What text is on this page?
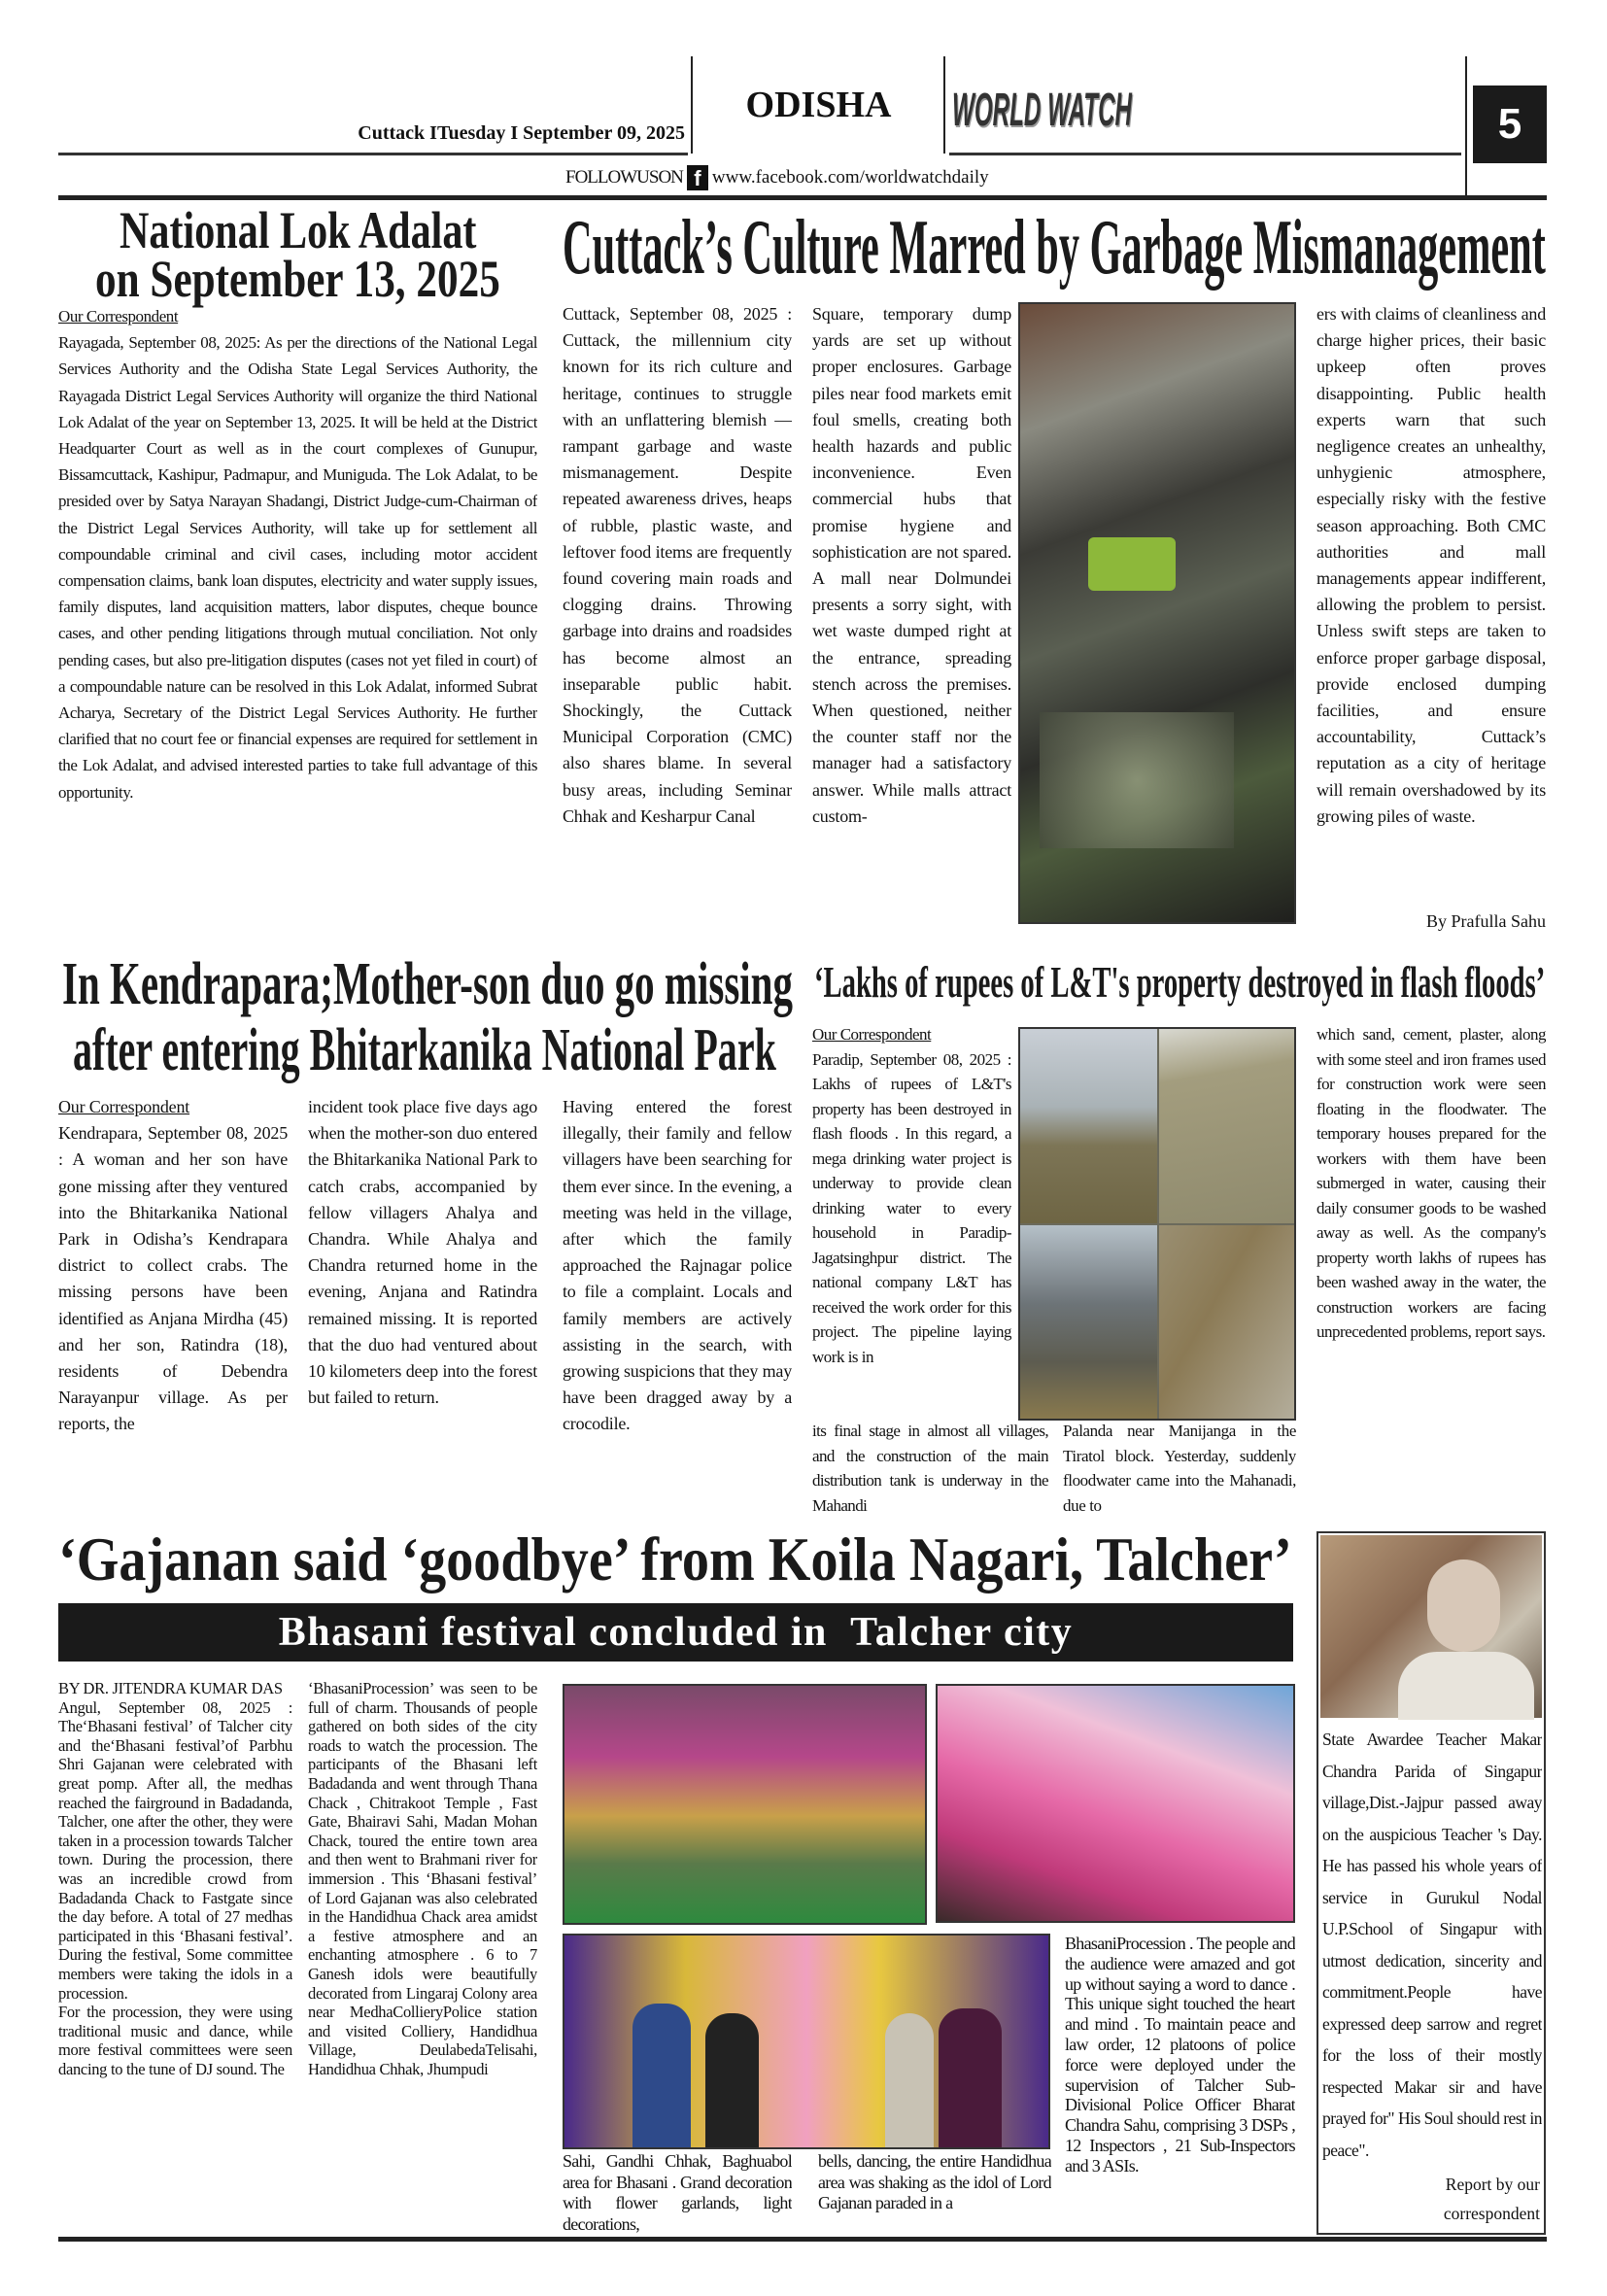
Cuttack ITuesday I September 09, 2025
ODISHA	WORLD WATCH	5
FOLLOWUSON f www.facebook.com/worldwatchdaily
National Lok Adalat
on September 13, 2025
Our Correspondent
Rayagada, September 08, 2025: As per the directions of the National Legal Services Authority and the Odisha State Legal Services Authority, the Rayagada District Legal Services Authority will organize the third National Lok Adalat of the year on September 13, 2025. It will be held at the District Headquarter Court as well as in the court complexes of Gunupur, Bissamcuttack, Kashipur, Padmapur, and Muniguda. The Lok Adalat, to be presided over by Satya Narayan Shadangi, District Judge-cum-Chairman of the District Legal Services Authority, will take up for settlement all compoundable criminal and civil cases, including motor accident compensation claims, bank loan disputes, electricity and water supply issues, family disputes, land acquisition matters, labor disputes, cheque bounce cases, and other pending litigations through mutual conciliation. Not only pending cases, but also pre-litigation disputes (cases not yet filed in court) of a compoundable nature can be resolved in this Lok Adalat, informed Subrat Acharya, Secretary of the District Legal Services Authority. He further clarified that no court fee or financial expenses are required for settlement in the Lok Adalat, and advised interested parties to take full advantage of this opportunity.
Cuttack’s Culture Marred by Garbage Mismanagement
Cuttack, September 08, 2025 : Cuttack, the millennium city known for its rich culture and heritage, continues to struggle with an unflattering blemish — rampant garbage and waste mismanagement. Despite repeated awareness drives, heaps of rubble, plastic waste, and leftover food items are frequently found covering main roads and clogging drains. Throwing garbage into drains and roadsides has become almost an inseparable public habit. Shockingly, the Cuttack Municipal Corporation (CMC) also shares blame. In several busy areas, including Seminar Chhak and Kesharpur Canal
Square, temporary dump yards are set up without proper enclosures. Garbage piles near food markets emit foul smells, creating both health hazards and public inconvenience. Even commercial hubs that promise hygiene and sophistication are not spared. A mall near Dolmundei presents a sorry sight, with wet waste dumped right at the entrance, spreading stench across the premises. When questioned, neither the counter staff nor the manager had a satisfactory answer. While malls attract custom-
ers with claims of cleanliness and charge higher prices, their basic upkeep often proves disappointing. Public health experts warn that such negligence creates an unhealthy, unhygienic atmosphere, especially risky with the festive season approaching. Both CMC authorities and mall managements appear indifferent, allowing the problem to persist. Unless swift steps are taken to enforce proper garbage disposal, provide enclosed dumping facilities, and ensure accountability, Cuttack’s reputation as a city of heritage will remain overshadowed by its growing piles of waste.
By Prafulla Sahu
In Kendrapara;Mother-son duo go missing
after entering Bhitarkanika National Park
Our Correspondent
Kendrapara, September 08, 2025 : A woman and her son have gone missing after they ventured into the Bhitarkanika National Park in Odisha’s Kendrapara district to collect crabs. The missing persons have been identified as Anjana Mirdha (45) and her son, Ratindra (18), residents of Debendra Narayanpur village. As per reports, the
incident took place five days ago when the mother-son duo entered the Bhitarkanika National Park to catch crabs, accompanied by fellow villagers Ahalya and Chandra. While Ahalya and Chandra returned home in the evening, Anjana and Ratindra remained missing. It is reported that the duo had ventured about 10 kilometers deep into the forest but failed to return.
Having entered the forest illegally, their family and fellow villagers have been searching for them ever since. In the evening, a meeting was held in the village, after which the family approached the Rajnagar police to file a complaint. Locals and family members are actively assisting in the search, with growing suspicions that they may have been dragged away by a crocodile.
‘Lakhs of rupees of L&T's property destroyed in flash floods’
Our Correspondent
Paradip, September 08, 2025 : Lakhs of rupees of L&T's property has been destroyed in flash floods . In this regard, a mega drinking water project is underway to provide clean drinking water to every household in Paradip-Jagatsinghpur district. The national company L&T has received the work order for this project. The pipeline laying work is in
its final stage in almost all villages, and the construction of the main distribution tank is underway in the Mahandi
Palanda near Manijanga in the Tiratol block. Yesterday, suddenly floodwater came into the Mahanadi, due to
which sand, cement, plaster, along with some steel and iron frames used for construction work were seen floating in the floodwater. The temporary houses prepared for the workers with them have been submerged in water, causing their daily consumer goods to be washed away as well. As the company's property worth lakhs of rupees has been washed away in the water, the construction workers are facing unprecedented problems, report says.
‘Gajanan said ‘goodbye’ from Koila Nagari, Talcher’
Bhasani festival concluded in  Talcher city
BY DR. JITENDRA KUMAR DAS
Angul, September 08, 2025 : The‘Bhasani festival’ of Talcher city and the‘Bhasani festival’of Parbhu Shri Gajanan were celebrated with great pomp. After all, the medhas reached the fairground in Badadanda, Talcher, one after the other, they were taken in a procession towards Talcher town. During the procession, there was an incredible crowd from Badadanda Chack to Fastgate since the day before. A total of 27 medhas participated in this ‘Bhasani festival’. During the festival, Some committee members were taking the idols in a procession.
For the procession, they were using traditional music and dance, while more festival committees were seen dancing to the tune of DJ sound. The
‘BhasaniProcession’ was seen to be full of charm. Thousands of people gathered on both sides of the city roads to watch the procession. The participants of the Bhasani left Badadanda and went through Thana Chack , Chitrakoot Temple , Fast Gate, Bhairavi Sahi, Madan Mohan Chack, toured the entire town area and then went to Brahmani river for immersion . This ‘Bhasani festival’ of Lord Gajanan was also celebrated in the Handidhua Chack area amidst a festive atmosphere and an enchanting atmosphere . 6 to 7 Ganesh idols were beautifully decorated from Lingaraj Colony area near MedhaCollieryPolice station and visited Colliery, Handidhua Village, DeulabedaTelisahi, Handidhua Chhak, Jhumpudi
Sahi, Gandhi Chhak, Baghuabol area for Bhasani . Grand decoration with flower garlands, light decorations,
bells, dancing, the entire Handidhua area was shaking as the idol of Lord Gajanan paraded in a
BhasaniProcession . The people and the audience were amazed and got up without saying a word to dance . This unique sight touched the heart and mind . To maintain peace and law order, 12 platoons of police force were deployed under the supervision of Talcher Sub-Divisional Police Officer Bharat Chandra Sahu, comprising 3 DSPs , 12 Inspectors , 21 Sub-Inspectors and 3 ASIs.
State Awardee Teacher Makar Chandra Parida of Singapur village,Dist.-Jajpur passed away on the auspicious Teacher 's Day. He has passed his whole years of service in Gurukul Nodal U.P.School of Singapur with utmost dedication, sincerity and commitment.People have expressed deep sarrow and regret for the loss of their mostly respected Makar sir and have prayed for" His Soul should rest in peace".
Report by our correspondent
